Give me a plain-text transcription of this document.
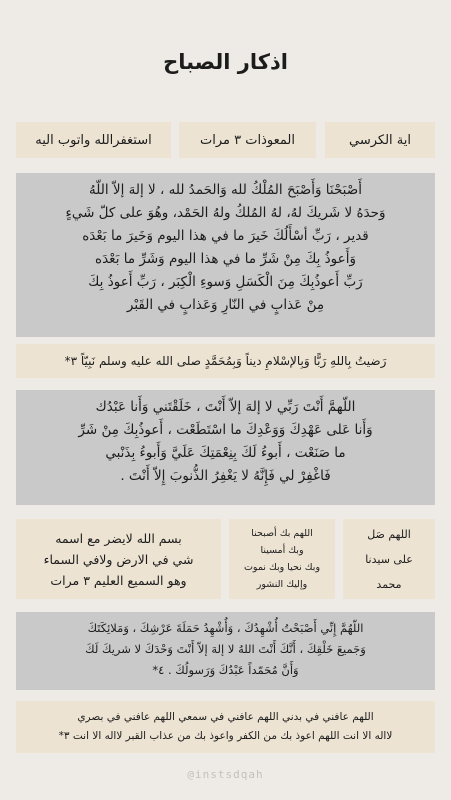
اذكار الصباح
اية الكرسي
المعوذات ٣ مرات
استغفرالله واتوب اليه

أَصْبَحْنَا وَأَصْبَحَ المُلْكُ لله وَالحَمدُ لله ، لا إلهَ إلاّ اللّهُ

وَحدَهُ لا شَريكَ لهُ، لهُ المُلكُ ولهُ الحَمْد، وهُوَ على كلّ شَيءٍ

قدير ، رَبِّ أسْأَلُكَ خَيرَ ما في هذا اليوم وَخَيرَ ما بَعْدَه

وَأَعوذُ بِكَ مِنْ شَرِّ ما في هذا اليوم وَشَرِّ ما بَعْدَه

رَبِّ أَعوذُبِكَ مِنَ الْكَسَلِ وَسوءِ الْكِبَر ، رَبِّ أَعوذُ بِكَ

مِنْ عَذابٍ في النّارِ وَعَذابٍ في القَبْر

رَضيتُ بِاللهِ رَبًّا وَبِالإسْلامِ ديناً وَبِمُحَمَّدٍ صلى الله عليه وسلم نَبِيّاً ٣*

اللّهمَّ أَنْتَ رَبِّي لا إلهَ إلاّ أَنْتَ ، خَلَقْتَني وَأَنا عَبْدُك

وَأَنا عَلى عَهْدِكَ وَوَعْدِكَ ما اسْتَطَعْت ، أَعوذُبِكَ مِنْ شَرِّ

ما صَنَعْت ، أَبوءُ لَكَ بِنِعْمَتِكَ عَلَيَّ وَأَبوءُ بِذَنْبي

فَاغْفِرْ لي فَإِنَّهُ لا يَغْفِرُ الذُّنوبَ إِلاّ أَنْتَ .

اللهم صَل
على سيدنا
محمد
اللهم بك أصبحنا
وبك أمسينا
وبك نحيا وبك نموت
وإليك النشور
بسم الله لايضر مع اسمه
شي في الارض ولافي السماء
وهو السميع العليم ٣ مرات

اللّهُمَّ إِنِّي أَصْبَحْتُ أُشْهِدُكَ ، وَأُشْهِدُ حَمَلَةَ عَرْشِكَ ، وَمَلائِكَتَكَ

وَجَميعَ خَلْقِكَ ، أَنَّكَ أَنْتَ اللهُ لا إلهَ إلاّ أَنْتَ وَحْدَكَ لا شريكَ لَكَ

وَأَنَّ مُحَمّداً عَبْدُكَ وَرَسولُكَ . ٤*

اللهم عافني في بدني اللهم عافني في سمعي اللهم عافني في بصري

لااله الا انت اللهم اعوذ بك من الكفر واعوذ بك من عذاب القبر لااله الا انت ٣*

@instsdqah
